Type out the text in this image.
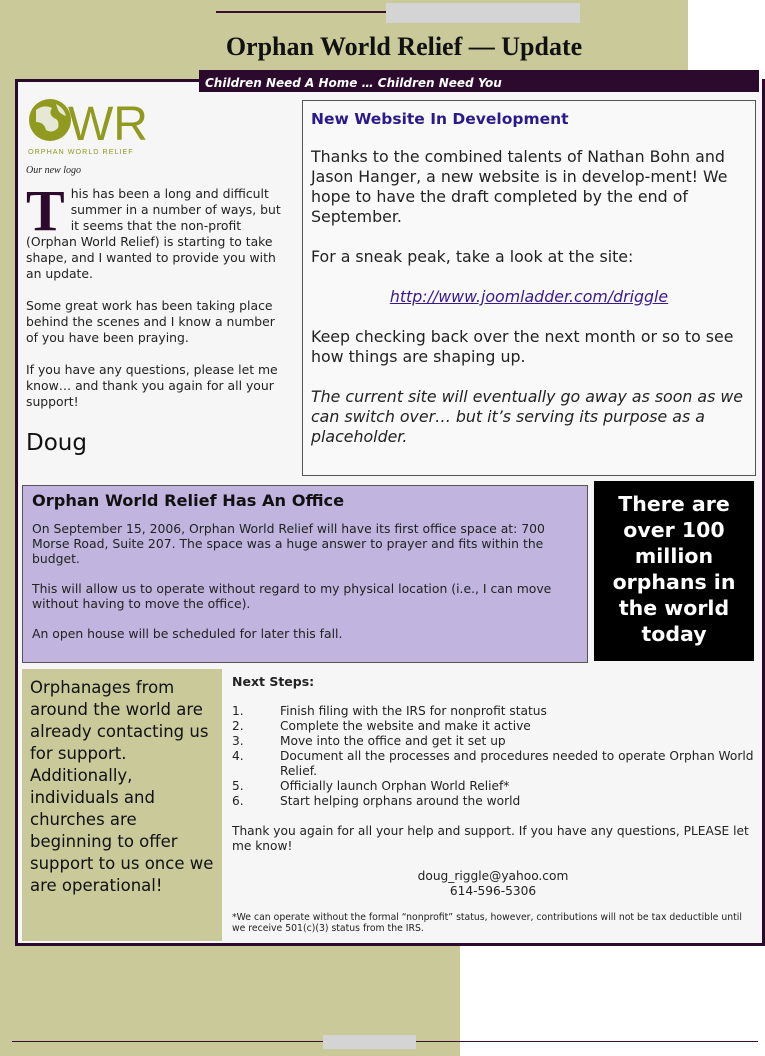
Orphan World Relief — Update
Children Need A Home … Children Need You
WR
ORPHAN WORLD RELIEF
Our new logo

This has been a long and difficult summer in a number of ways, but it seems that the non-profit (Orphan World Relief) is starting to take shape, and I wanted to provide you with an update.

Some great work has been taking place behind the scenes and I know a number of you have been praying.

If you have any questions, please let me know… and thank you again for all your support!

Doug
New Website In Development

Thanks to the combined talents of Nathan Bohn and Jason Hanger, a new website is in develop-ment! We hope to have the draft completed by the end of September.

For a sneak peak, take a look at the site:

http://www.joomladder.com/driggle

Keep checking back over the next month or so to see how things are shaping up.

The current site will eventually go away as soon as we can switch over… but it’s serving its purpose as a placeholder.

Orphan World Relief Has An Office

On September 15, 2006, Orphan World Relief will have its first office space at: 700 Morse Road, Suite 207. The space was a huge answer to prayer and fits within the budget.

This will allow us to operate without regard to my physical location (i.e., I can move without having to move the office).

An open house will be scheduled for later this fall.

There are over 100 million orphans in the world today
Orphanages from around the world are already contacting us for support. Additionally, individuals and churches are beginning to offer support to us once we are operational!
Next Steps:
1.	Finish filing with the IRS for nonprofit status
2.	Complete the website and make it active
3.	Move into the office and get it set up
4.	Document all the processes and procedures needed to operate Orphan World Relief.
5.	Officially launch Orphan World Relief*
6.	Start helping orphans around the world

Thank you again for all your help and support. If you have any questions, PLEASE let me know!

doug_riggle@yahoo.com
614-596-5306

*We can operate without the formal “nonprofit” status, however, contributions will not be tax deductible until we receive 501(c)(3) status from the IRS.
